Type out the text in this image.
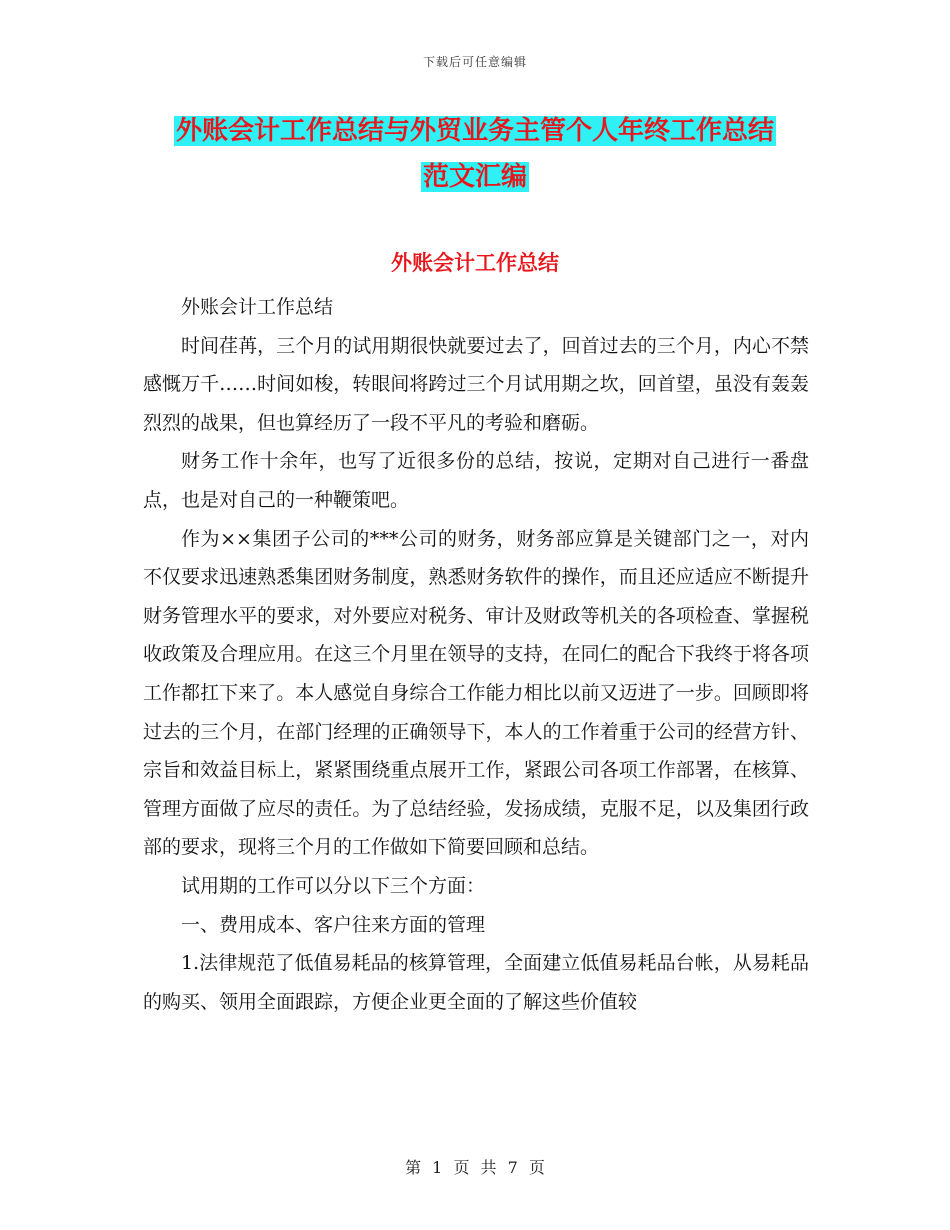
下载后可任意编辑
外账会计工作总结与外贸业务主管个人年终工作总结
范文汇编
外账会计工作总结

外账会计工作总结

时间荏苒，三个月的试用期很快就要过去了，回首过去的三个月，内心不禁感慨万千……时间如梭，转眼间将跨过三个月试用期之坎，回首望，虽没有轰轰烈烈的战果，但也算经历了一段不平凡的考验和磨砺。

财务工作十余年，也写了近很多份的总结，按说，定期对自己进行一番盘点，也是对自己的一种鞭策吧。

作为××集团子公司的***公司的财务，财务部应算是关键部门之一，对内不仅要求迅速熟悉集团财务制度，熟悉财务软件的操作，而且还应适应不断提升财务管理水平的要求，对外要应对税务、审计及财政等机关的各项检查、掌握税收政策及合理应用。在这三个月里在领导的支持，在同仁的配合下我终于将各项工作都扛下来了。本人感觉自身综合工作能力相比以前又迈进了一步。回顾即将过去的三个月，在部门经理的正确领导下，本人的工作着重于公司的经营方针、宗旨和效益目标上，紧紧围绕重点展开工作，紧跟公司各项工作部署，在核算、管理方面做了应尽的责任。为了总结经验，发扬成绩，克服不足，以及集团行政部的要求，现将三个月的工作做如下简要回顾和总结。

试用期的工作可以分以下三个方面：

一、费用成本、客户往来方面的管理

1.法律规范了低值易耗品的核算管理，全面建立低值易耗品台帐，从易耗品的购买、领用全面跟踪，方便企业更全面的了解这些价值较

第 1 页 共 7 页
